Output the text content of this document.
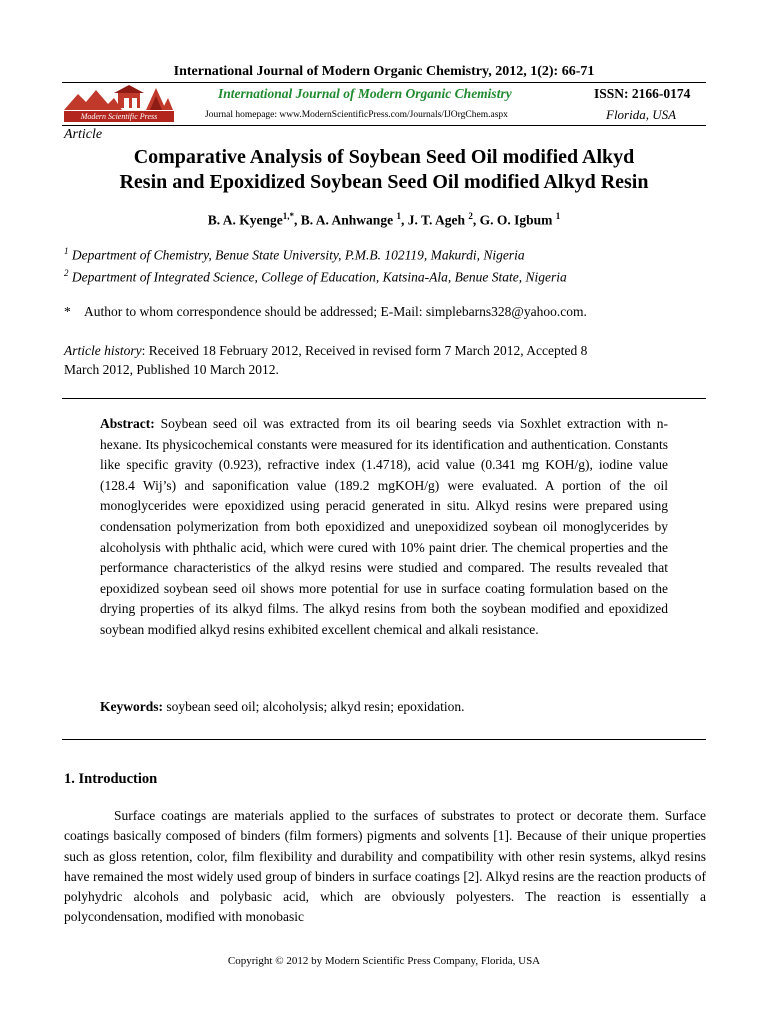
International Journal of Modern Organic Chemistry, 2012, 1(2): 66-71
Modern Scientific Press
International Journal of Modern Organic Chemistry	ISSN: 2166-0174
Journal homepage: www.ModernScientificPress.com/Journals/IJOrgChem.aspx	Florida, USA
Article
Comparative Analysis of Soybean Seed Oil modified Alkyd
Resin and Epoxidized Soybean Seed Oil modified Alkyd Resin
B. A. Kyenge$^{1,*}$, B. A. Anhwange $^1$, J. T. Ageh $^2$, G. O. Igbum $^1$
$^1$ Department of Chemistry, Benue State University, P.M.B. 102119, Makurdi, Nigeria
$^2$ Department of Integrated Science, College of Education, Katsina-Ala, Benue State, Nigeria
* Author to whom correspondence should be addressed; E-Mail: simplebarns328@yahoo.com.
Article history: Received 18 February 2012, Received in revised form 7 March 2012, Accepted 8
March 2012, Published 10 March 2012.
Abstract: Soybean seed oil was extracted from its oil bearing seeds via Soxhlet extraction with n-hexane. Its physicochemical constants were measured for its identification and authentication. Constants like specific gravity (0.923), refractive index (1.4718), acid value (0.341 mg KOH/g), iodine value (128.4 Wij’s) and saponification value (189.2 mgKOH/g) were evaluated. A portion of the oil monoglycerides were epoxidized using peracid generated in situ. Alkyd resins were prepared using condensation polymerization from both epoxidized and unepoxidized soybean oil monoglycerides by alcoholysis with phthalic acid, which were cured with 10% paint drier. The chemical properties and the performance characteristics of the alkyd resins were studied and compared. The results revealed that epoxidized soybean seed oil shows more potential for use in surface coating formulation based on the drying properties of its alkyd films. The alkyd resins from both the soybean modified and epoxidized soybean modified alkyd resins exhibited excellent chemical and alkali resistance.
Keywords: soybean seed oil; alcoholysis; alkyd resin; epoxidation.
1. Introduction

Surface coatings are materials applied to the surfaces of substrates to protect or decorate them. Surface coatings basically composed of binders (film formers) pigments and solvents [1]. Because of their unique properties such as gloss retention, color, film flexibility and durability and compatibility with other resin systems, alkyd resins have remained the most widely used group of binders in surface coatings [2]. Alkyd resins are the reaction products of polyhydric alcohols and polybasic acid, which are obviously polyesters. The reaction is essentially a polycondensation, modified with monobasic

Copyright © 2012 by Modern Scientific Press Company, Florida, USA
